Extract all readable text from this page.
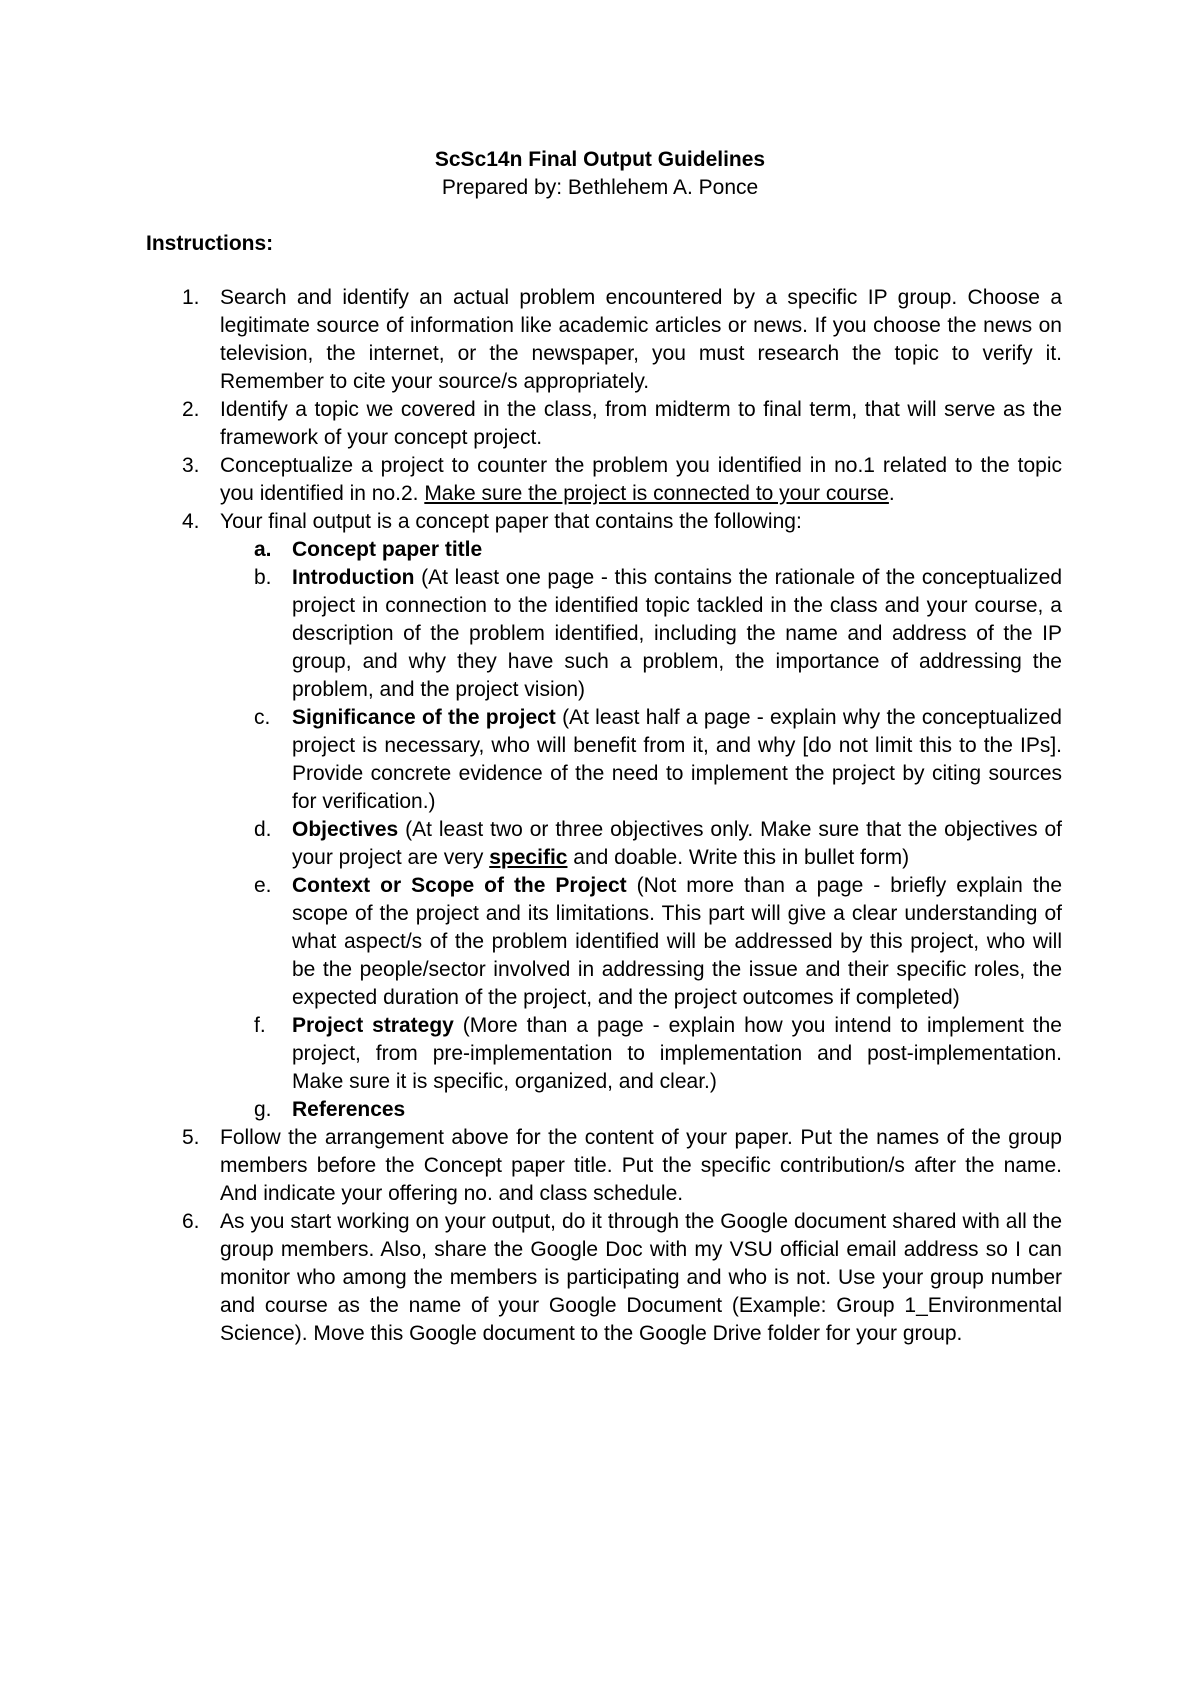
ScSc14n Final Output Guidelines
Prepared by: Bethlehem A. Ponce
Instructions:
1. Search and identify an actual problem encountered by a specific IP group. Choose a legitimate source of information like academic articles or news. If you choose the news on television, the internet, or the newspaper, you must research the topic to verify it. Remember to cite your source/s appropriately.
2. Identify a topic we covered in the class, from midterm to final term, that will serve as the framework of your concept project.
3. Conceptualize a project to counter the problem you identified in no.1 related to the topic you identified in no.2. Make sure the project is connected to your course.
4. Your final output is a concept paper that contains the following:
a. Concept paper title
b. Introduction (At least one page - this contains the rationale of the conceptualized project in connection to the identified topic tackled in the class and your course, a description of the problem identified, including the name and address of the IP group, and why they have such a problem, the importance of addressing the problem, and the project vision)
c. Significance of the project (At least half a page - explain why the conceptualized project is necessary, who will benefit from it, and why [do not limit this to the IPs]. Provide concrete evidence of the need to implement the project by citing sources for verification.)
d. Objectives (At least two or three objectives only. Make sure that the objectives of your project are very specific and doable. Write this in bullet form)
e. Context or Scope of the Project (Not more than a page - briefly explain the scope of the project and its limitations. This part will give a clear understanding of what aspect/s of the problem identified will be addressed by this project, who will be the people/sector involved in addressing the issue and their specific roles, the expected duration of the project, and the project outcomes if completed)
f. Project strategy (More than a page - explain how you intend to implement the project, from pre-implementation to implementation and post-implementation. Make sure it is specific, organized, and clear.)
g. References
5. Follow the arrangement above for the content of your paper. Put the names of the group members before the Concept paper title. Put the specific contribution/s after the name. And indicate your offering no. and class schedule.
6. As you start working on your output, do it through the Google document shared with all the group members. Also, share the Google Doc with my VSU official email address so I can monitor who among the members is participating and who is not. Use your group number and course as the name of your Google Document (Example: Group 1_Environmental Science). Move this Google document to the Google Drive folder for your group.
